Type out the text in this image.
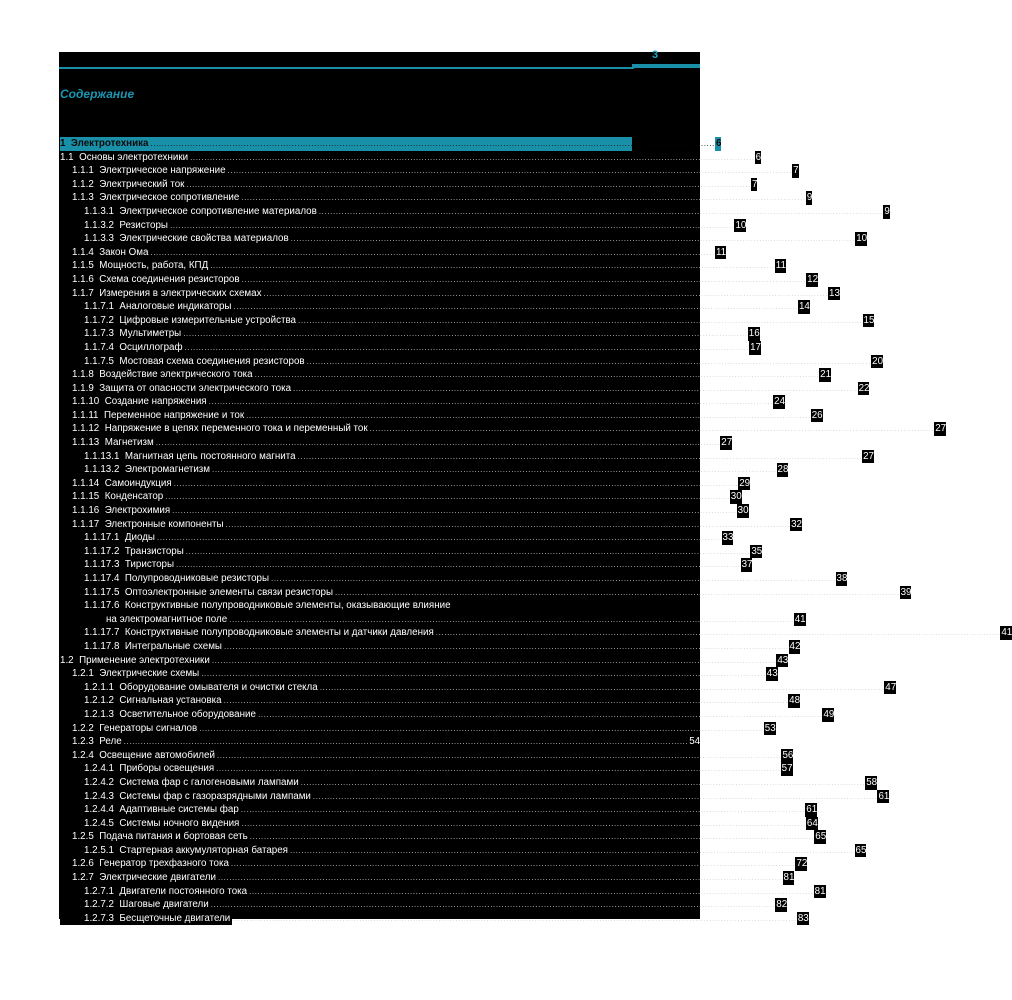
3
Содержание
1 Электротехника ........................................................................................................................................................................................................ 6
1.1 Основы электротехники ........................................................................................................................................................................................................ 6
1.1.1 Электрическое напряжение ........................................................................................................................................................................................................ 7
1.1.2 Электрический ток ........................................................................................................................................................................................................ 7
1.1.3 Электрическое сопротивление ........................................................................................................................................................................................................ 9
1.1.3.1 Электрическое сопротивление материалов ........................................................................................................................................................................................................ 9
1.1.3.2 Резисторы ........................................................................................................................................................................................................ 10
1.1.3.3 Электрические свойства материалов ........................................................................................................................................................................................................ 10
1.1.4 Закон Ома ........................................................................................................................................................................................................ 11
1.1.5 Мощность, работа, КПД ........................................................................................................................................................................................................ 11
1.1.6 Схема соединения резисторов ........................................................................................................................................................................................................ 12
1.1.7 Измерения в электрических схемах ........................................................................................................................................................................................................ 13
1.1.7.1 Аналоговые индикаторы ........................................................................................................................................................................................................ 14
1.1.7.2 Цифровые измерительные устройства ........................................................................................................................................................................................................ 15
1.1.7.3 Мультиметры ........................................................................................................................................................................................................ 16
1.1.7.4 Осциллограф ........................................................................................................................................................................................................ 17
1.1.7.5 Мостовая схема соединения резисторов ........................................................................................................................................................................................................ 20
1.1.8 Воздействие электрического тока ........................................................................................................................................................................................................ 21
1.1.9 Защита от опасности электрического тока ........................................................................................................................................................................................................ 22
1.1.10 Создание напряжения ........................................................................................................................................................................................................ 24
1.1.11 Переменное напряжение и ток ........................................................................................................................................................................................................ 26
1.1.12 Напряжение в цепях переменного тока и переменный ток ........................................................................................................................................................................................................ 27
1.1.13 Магнетизм ........................................................................................................................................................................................................ 27
1.1.13.1 Магнитная цепь постоянного магнита ........................................................................................................................................................................................................ 27
1.1.13.2 Электромагнетизм ........................................................................................................................................................................................................ 28
1.1.14 Самоиндукция ........................................................................................................................................................................................................ 29
1.1.15 Конденсатор ........................................................................................................................................................................................................ 30
1.1.16 Электрохимия ........................................................................................................................................................................................................ 30
1.1.17 Электронные компоненты ........................................................................................................................................................................................................ 32
1.1.17.1 Диоды ........................................................................................................................................................................................................ 33
1.1.17.2 Транзисторы ........................................................................................................................................................................................................ 35
1.1.17.3 Тиристоры ........................................................................................................................................................................................................ 37
1.1.17.4 Полупроводниковые резисторы ........................................................................................................................................................................................................ 38
1.1.17.5 Оптоэлектронные элементы связи резисторы ........................................................................................................................................................................................................ 39
1.1.17.6 Конструктивные полупроводниковые элементы, оказывающие влияние
на электромагнитное поле ........................................................................................................................................................................................................ 41
1.1.17.7 Конструктивные полупроводниковые элементы и датчики давления ........................................................................................................................................................................................................ 41
1.1.17.8 Интегральные схемы ........................................................................................................................................................................................................ 42
1.2 Применение электротехники ........................................................................................................................................................................................................ 43
1.2.1 Электрические схемы ........................................................................................................................................................................................................ 43
1.2.1.1 Оборудование омывателя и очистки стекла ........................................................................................................................................................................................................ 47
1.2.1.2 Сигнальная установка ........................................................................................................................................................................................................ 48
1.2.1.3 Осветительное оборудование ........................................................................................................................................................................................................ 49
1.2.2 Генераторы сигналов ........................................................................................................................................................................................................ 53
1.2.3 Реле ........................................................................................................................................................................................................ 54
1.2.4 Освещение автомобилей ........................................................................................................................................................................................................ 56
1.2.4.1 Приборы освещения ........................................................................................................................................................................................................ 57
1.2.4.2 Система фар с галогеновыми лампами ........................................................................................................................................................................................................ 58
1.2.4.3 Системы фар с газоразрядными лампами ........................................................................................................................................................................................................ 61
1.2.4.4 Адаптивные системы фар ........................................................................................................................................................................................................ 61
1.2.4.5 Системы ночного видения ........................................................................................................................................................................................................ 64
1.2.5 Подача питания и бортовая сеть ........................................................................................................................................................................................................ 65
1.2.5.1 Стартерная аккумуляторная батарея ........................................................................................................................................................................................................ 65
1.2.6 Генератор трехфазного тока ........................................................................................................................................................................................................ 72
1.2.7 Электрические двигатели ........................................................................................................................................................................................................ 81
1.2.7.1 Двигатели постоянного тока ........................................................................................................................................................................................................ 81
1.2.7.2 Шаговые двигатели ........................................................................................................................................................................................................ 82
1.2.7.3 Бесщеточные двигатели ........................................................................................................................................................................................................ 83
